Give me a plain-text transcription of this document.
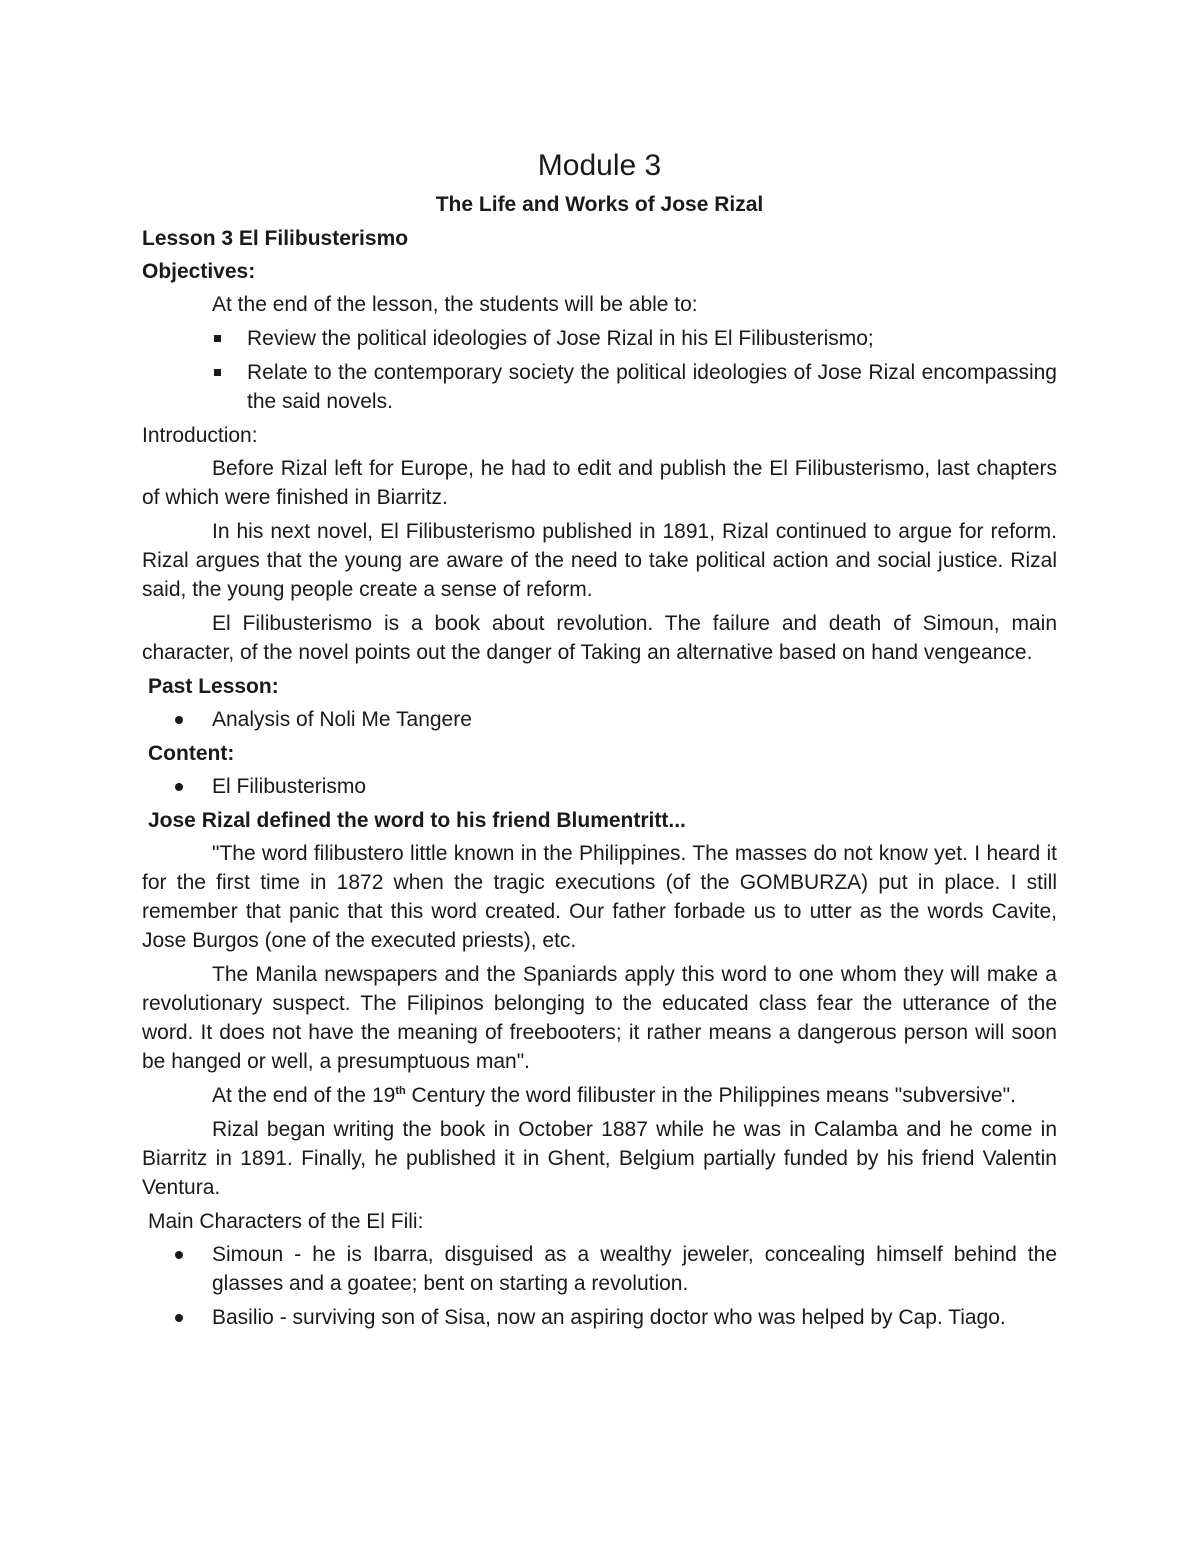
Module 3
The Life and Works of Jose Rizal
Lesson 3 El Filibusterismo
Objectives:
At the end of the lesson, the students will be able to:
Review the political ideologies of Jose Rizal in his El Filibusterismo;
Relate to the contemporary society the political ideologies of Jose Rizal encompassing the said novels.
Introduction:

Before Rizal left for Europe, he had to edit and publish the El Filibusterismo, last chapters of which were finished in Biarritz.

In his next novel, El Filibusterismo published in 1891, Rizal continued to argue for reform. Rizal argues that the young are aware of the need to take political action and social justice. Rizal said, the young people create a sense of reform.

El Filibusterismo is a book about revolution. The failure and death of Simoun, main character, of the novel points out the danger of Taking an alternative based on hand vengeance.

Past Lesson:
Analysis of Noli Me Tangere
Content:
El Filibusterismo
Jose Rizal defined the word to his friend Blumentritt...

"The word filibustero little known in the Philippines. The masses do not know yet. I heard it for the first time in 1872 when the tragic executions (of the GOMBURZA) put in place. I still remember that panic that this word created. Our father forbade us to utter as the words Cavite, Jose Burgos (one of the executed priests), etc.

The Manila newspapers and the Spaniards apply this word to one whom they will make a revolutionary suspect. The Filipinos belonging to the educated class fear the utterance of the word. It does not have the meaning of freebooters; it rather means a dangerous person will soon be hanged or well, a presumptuous man".

At the end of the 19th Century the word filibuster in the Philippines means "subversive".

Rizal began writing the book in October 1887 while he was in Calamba and he come in Biarritz in 1891. Finally, he published it in Ghent, Belgium partially funded by his friend Valentin Ventura.

Main Characters of the El Fili:
Simoun - he is Ibarra, disguised as a wealthy jeweler, concealing himself behind the glasses and a goatee; bent on starting a revolution.
Basilio - surviving son of Sisa, now an aspiring doctor who was helped by Cap. Tiago.
